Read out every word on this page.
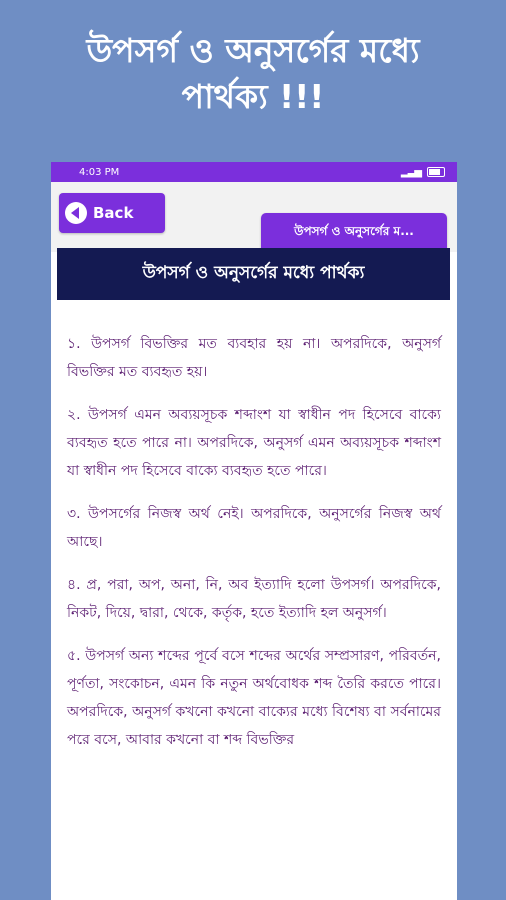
উপসর্গ ও অনুসর্গের মধ্যে
পার্থক্য !!!
4:03 PM	▂▃▅
Back
উপসর্গ ও অনুসর্গের ম...
উপসর্গ ও অনুসর্গের মধ্যে পার্থক্য

১. উপসর্গ বিভক্তির মত ব্যবহার হয় না। অপরদিকে, অনুসর্গ বিভক্তির মত ব্যবহৃত হয়।

২. উপসর্গ এমন অব্যয়সূচক শব্দাংশ যা স্বাধীন পদ হিসেবে বাক্যে ব্যবহৃত হতে পারে না। অপরদিকে, অনুসর্গ এমন অব্যয়সূচক শব্দাংশ যা স্বাধীন পদ হিসেবে বাক্যে ব্যবহৃত হতে পারে।

৩. উপসর্গের নিজস্ব অর্থ নেই। অপরদিকে, অনুসর্গের নিজস্ব অর্থ আছে।

৪. প্র, পরা, অপ, অনা, নি, অব ইত্যাদি হলো উপসর্গ। অপরদিকে, নিকট, দিয়ে, দ্বারা, থেকে, কর্তৃক, হতে ইত্যাদি হল অনুসর্গ।

৫. উপসর্গ অন্য শব্দের পূর্বে বসে শব্দের অর্থের সম্প্রসারণ, পরিবর্তন, পূর্ণতা, সংকোচন, এমন কি নতুন অর্থবোধক শব্দ তৈরি করতে পারে। অপরদিকে, অনুসর্গ কখনো কখনো বাক্যের মধ্যে বিশেষ্য বা সর্বনামের পরে বসে, আবার কখনো বা শব্দ বিভক্তির
